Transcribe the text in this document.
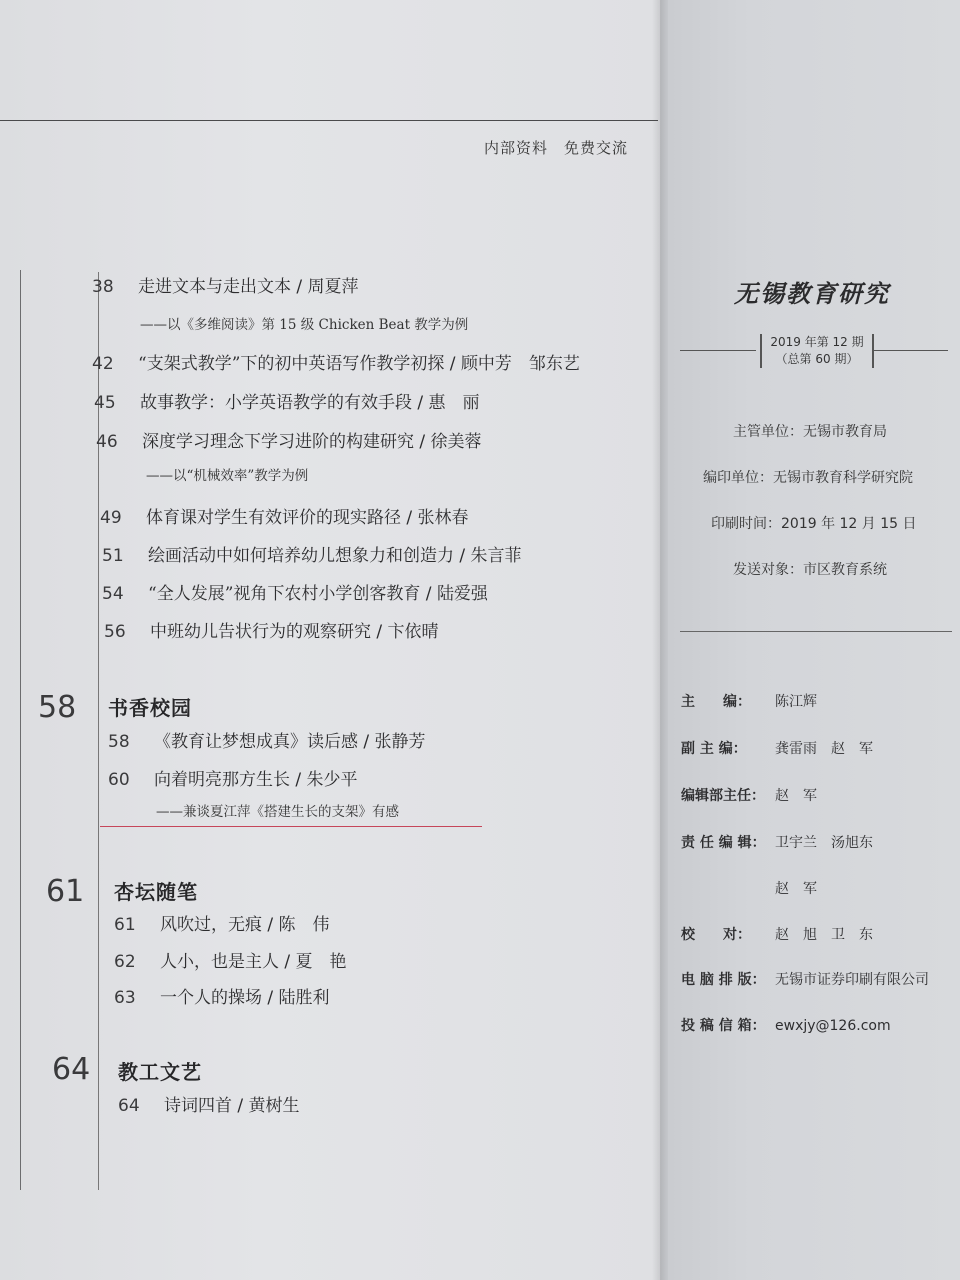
内部资料　免费交流
38 走进文本与走出文本 / 周夏萍
——以《多维阅读》第 15 级 Chicken Beat 教学为例
42 “支架式教学”下的初中英语写作教学初探 / 顾中芳　邹东艺
45 故事教学：小学英语教学的有效手段 / 惠　丽
46 深度学习理念下学习进阶的构建研究 / 徐美蓉
——以“机械效率”教学为例
49 体育课对学生有效评价的现实路径 / 张林春
51 绘画活动中如何培养幼儿想象力和创造力 / 朱言菲
54 “全人发展”视角下农村小学创客教育 / 陆爱强
56 中班幼儿告状行为的观察研究 / 卞依晴
58 书香校园
58 《教育让梦想成真》读后感 / 张静芳
60 向着明亮那方生长 / 朱少平
——兼谈夏江萍《搭建生长的支架》有感
61 杏坛随笔
61 风吹过，无痕 / 陈　伟
62 人小，也是主人 / 夏　艳
63 一个人的操场 / 陆胜利
64 教工文艺
64 诗词四首 / 黄树生
无锡教育研究
2019 年第 12 期
（总第 60 期）
主管单位：无锡市教育局
编印单位：无锡市教育科学研究院
印刷时间：2019 年 12 月 15 日
发送对象：市区教育系统
主　　编： 陈江辉
副 主 编： 龚雷雨　赵　军
编辑部主任： 赵　军
责 任 编 辑： 卫宇兰　汤旭东
赵　军
校　　对： 赵　旭　卫　东
电 脑 排 版： 无锡市证券印刷有限公司
投 稿 信 箱： ewxjy@126.com
